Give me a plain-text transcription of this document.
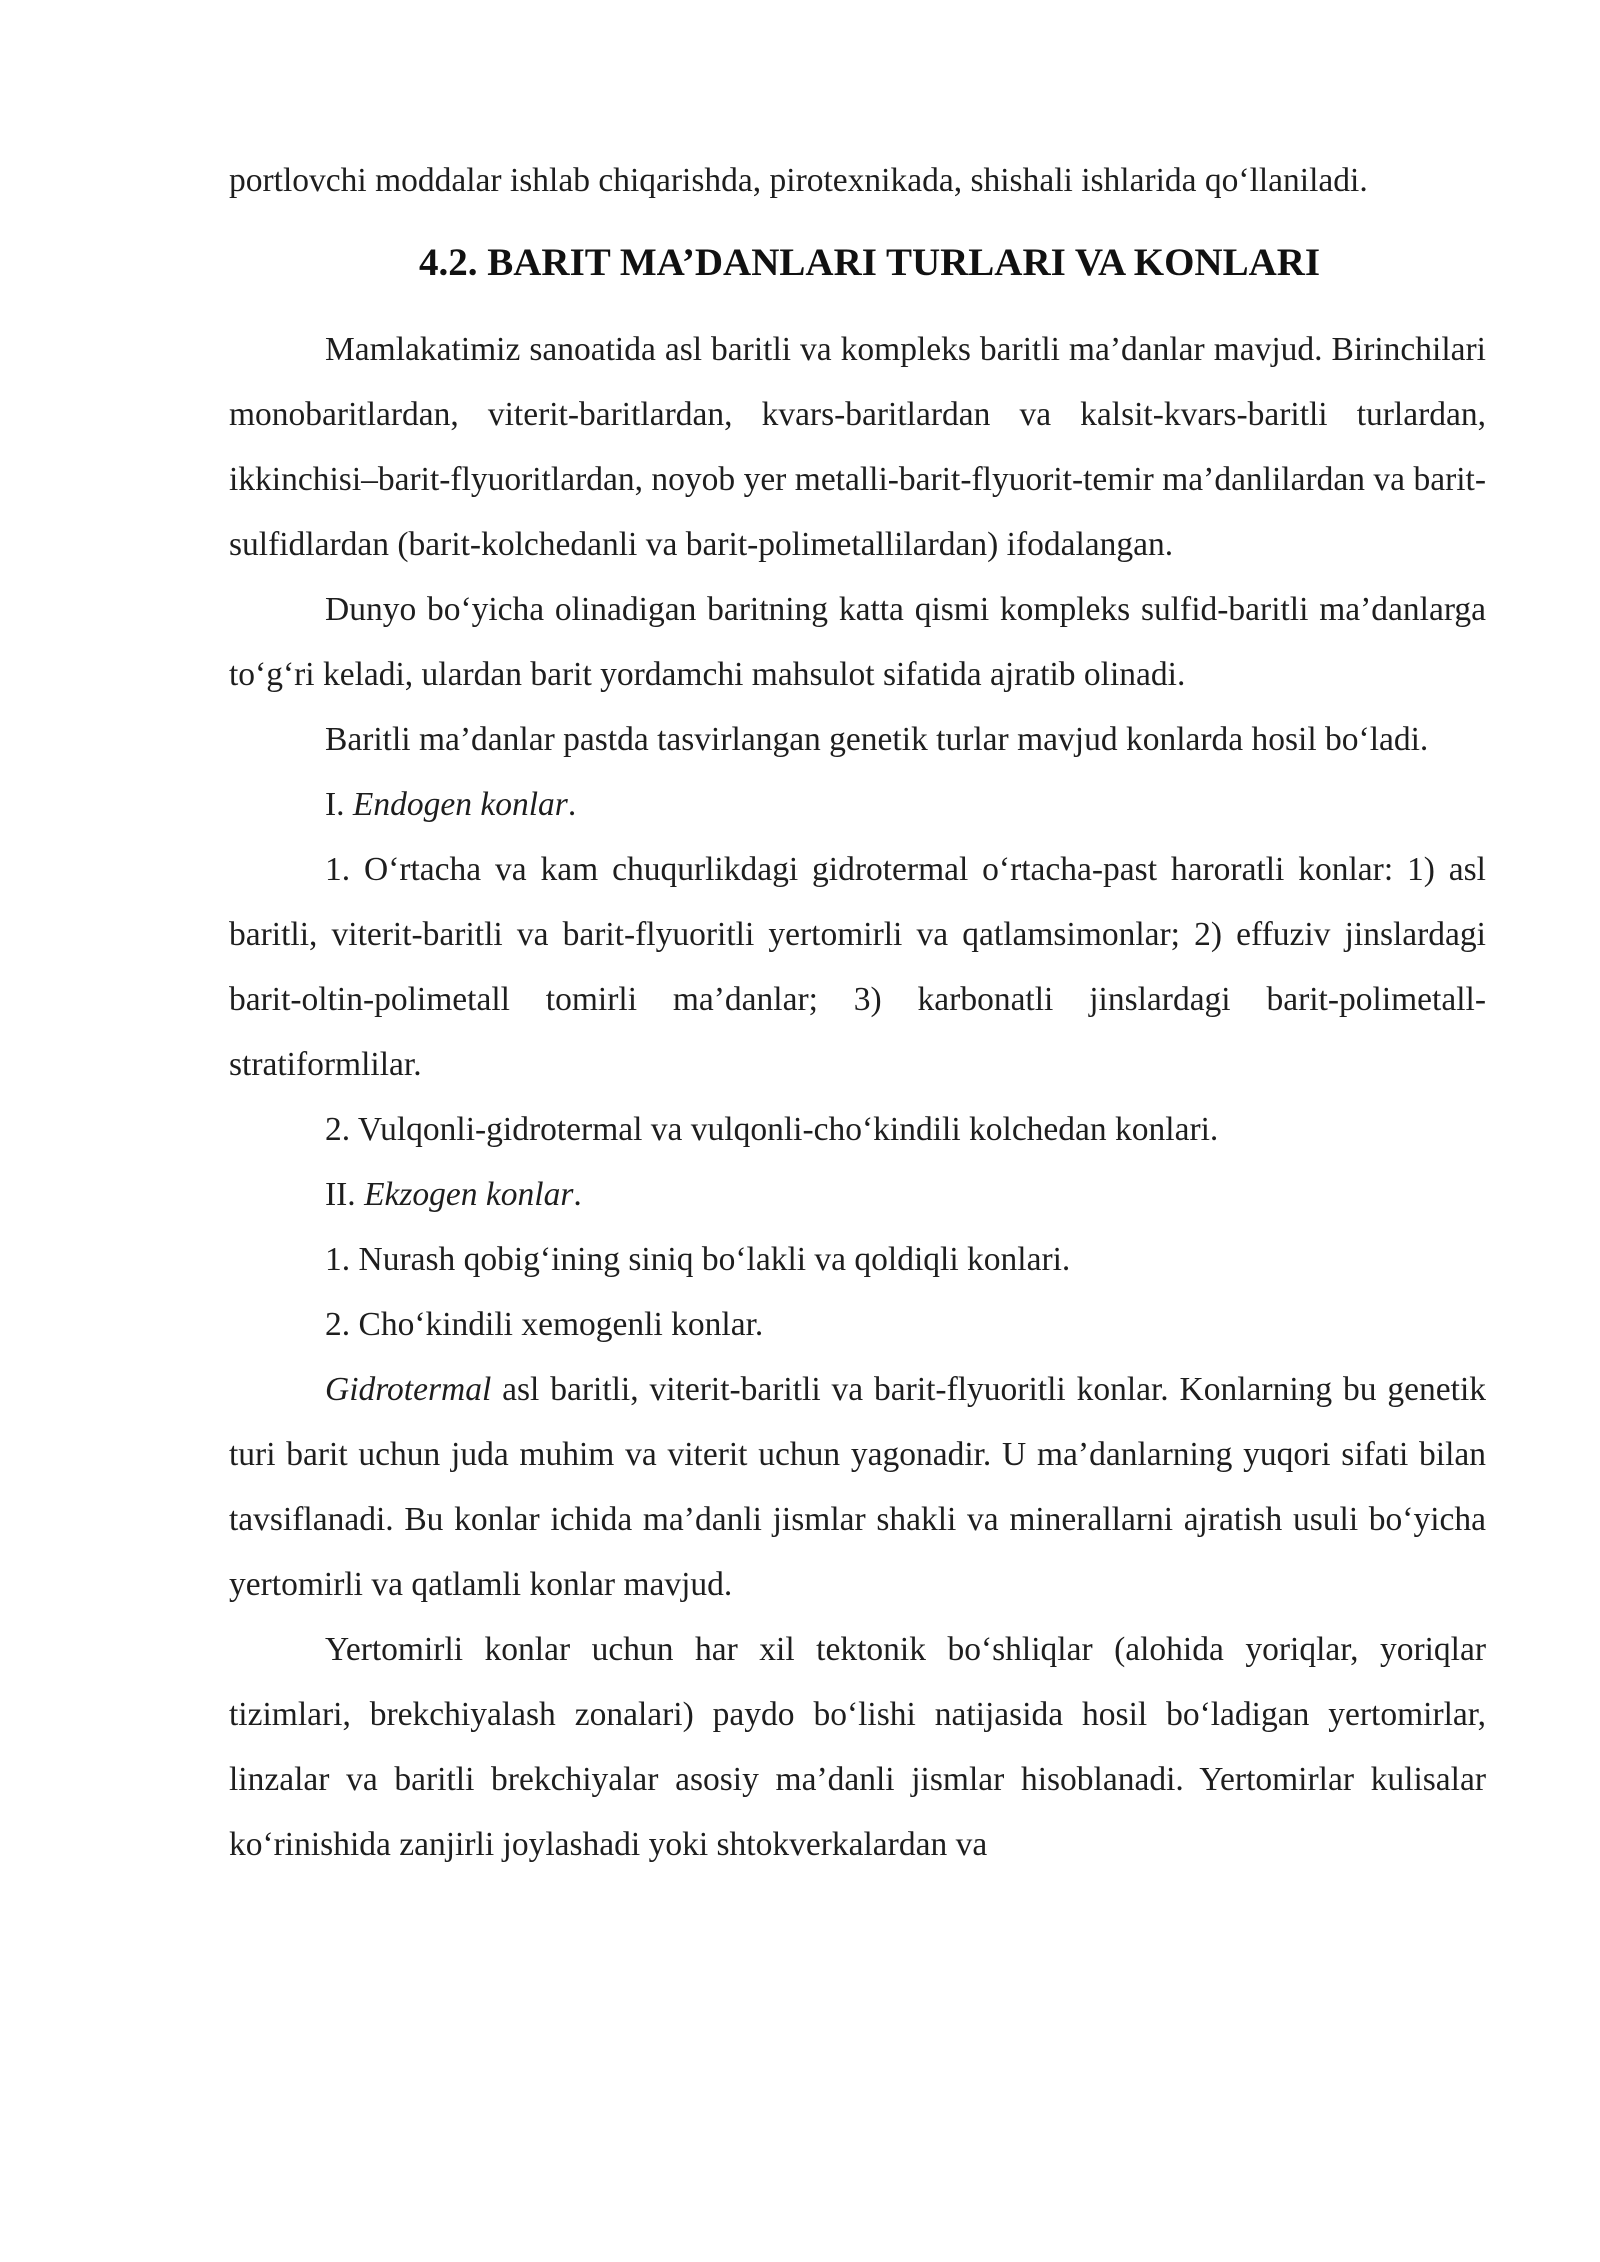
portlovchi moddalar ishlab chiqarishda, pirotexnikada, shishali ishlarida qo‘llaniladi.

4.2. BARIT MA’DANLARI TURLARI VA KONLARI

Mamlakatimiz sanoatida asl baritli va kompleks baritli ma’danlar mavjud. Birinchilari monobaritlardan, viterit-baritlardan, kvars-baritlardan va kalsit-kvars-baritli turlardan, ikkinchisi–barit-flyuoritlardan, noyob yer metalli-barit-flyuorit-temir ma’danlilardan va barit-sulfidlardan (barit-kolchedanli va barit-polimetallilardan) ifodalangan.

Dunyo bo‘yicha olinadigan baritning katta qismi kompleks sulfid-baritli ma’danlarga to‘g‘ri keladi, ulardan barit yordamchi mahsulot sifatida ajratib olinadi.

Baritli ma’danlar pastda tasvirlangan genetik turlar mavjud konlarda hosil bo‘ladi.

I. Endogen konlar.

1. O‘rtacha va kam chuqurlikdagi gidrotermal o‘rtacha-past haroratli konlar: 1) asl baritli, viterit-baritli va barit-flyuoritli yertomirli va qatlamsimonlar; 2) effuziv jinslardagi barit-oltin-polimetall tomirli ma’danlar; 3) karbonatli jinslardagi barit-polimetall-stratiformlilar.

2. Vulqonli-gidrotermal va vulqonli-cho‘kindili kolchedan konlari.

II. Ekzogen konlar.

1. Nurash qobig‘ining siniq bo‘lakli va qoldiqli konlari.

2. Cho‘kindili xemogenli konlar.

Gidrotermal asl baritli, viterit-baritli va barit-flyuoritli konlar. Konlarning bu genetik turi barit uchun juda muhim va viterit uchun yagonadir. U ma’danlarning yuqori sifati bilan tavsiflanadi. Bu konlar ichida ma’danli jismlar shakli va minerallarni ajratish usuli bo‘yicha yertomirli va qatlamli konlar mavjud.

Yertomirli konlar uchun har xil tektonik bo‘shliqlar (alohida yoriqlar, yoriqlar tizimlari, brekchiyalash zonalari) paydo bo‘lishi natijasida hosil bo‘ladigan yertomirlar, linzalar va baritli brekchiyalar asosiy ma’danli jismlar hisoblanadi. Yertomirlar kulisalar ko‘rinishida zanjirli joylashadi yoki shtokverkalardan va
